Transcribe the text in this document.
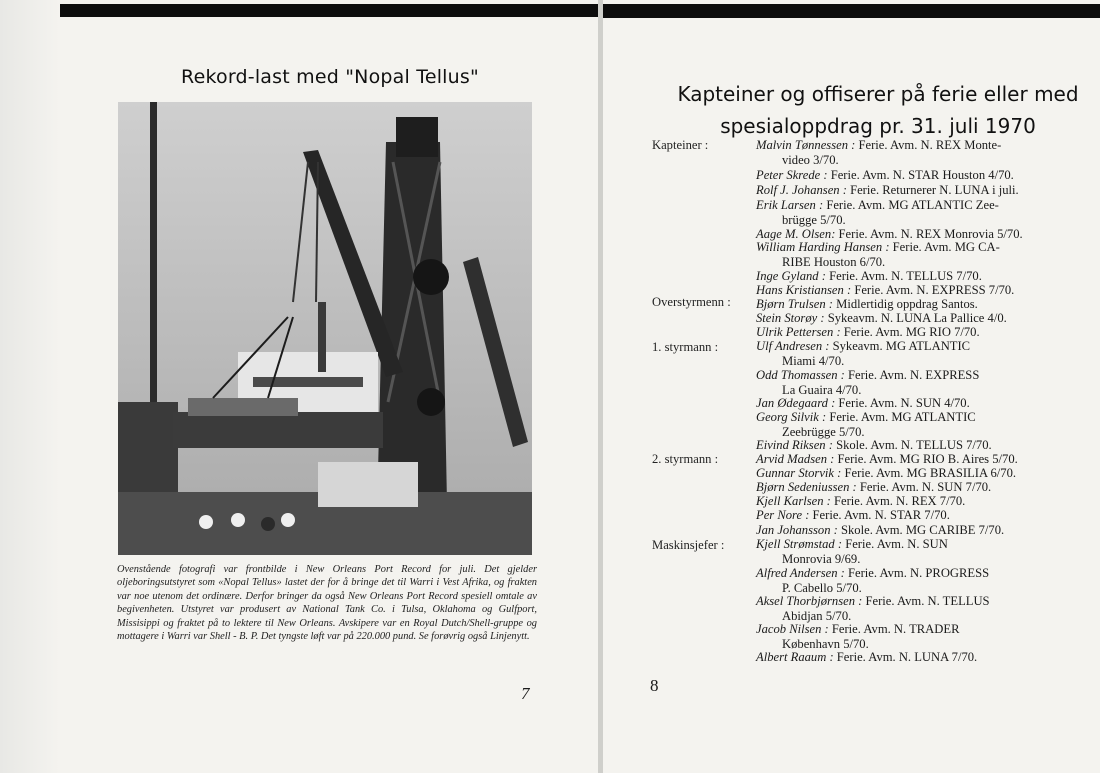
Rekord-last med "Nopal Tellus"
Ovenstående fotografi var frontbilde i New Orleans Port Record for juli. Det gjelder oljeboringsutstyret som «Nopal Tellus» lastet der for å bringe det til Warri i Vest Afrika, og frakten var noe utenom det ordinære. Derfor bringer da også New Orleans Port Record spesiell omtale av begivenheten. Utstyret var produsert av National Tank Co. i Tulsa, Oklahoma og Gulfport, Missisippi og fraktet på to lektere til New Orleans. Avskipere var en Royal Dutch/Shell-gruppe og mottagere i Warri var Shell - B. P. Det tyngste løft var på 220.000 pund. Se forøvrig også Linjenytt.
7
Kapteiner og offiserer på ferie eller med
spesialoppdrag pr. 31. juli 1970
Kapteiner :
Overstyrmenn :
1. styrmann :
2. styrmann :
Maskinsjefer :
Malvin Tønnessen : Ferie. Avm. N. REX Monte-
video 3/70.
Peter Skrede : Ferie. Avm. N. STAR Houston 4/70.
Rolf J. Johansen : Ferie. Returnerer N. LUNA i juli.
Erik Larsen : Ferie. Avm. MG ATLANTIC Zee-
brügge 5/70.
Aage M. Olsen: Ferie. Avm. N. REX Monrovia 5/70.
William Harding Hansen : Ferie. Avm. MG CA-
RIBE Houston 6/70.
Inge Gyland : Ferie. Avm. N. TELLUS 7/70.
Hans Kristiansen : Ferie. Avm. N. EXPRESS 7/70.
Bjørn Trulsen : Midlertidig oppdrag Santos.
Stein Storøy : Sykeavm. N. LUNA La Pallice 4/0.
Ulrik Pettersen : Ferie. Avm. MG RIO 7/70.
Ulf Andresen : Sykeavm. MG ATLANTIC
Miami 4/70.
Odd Thomassen : Ferie. Avm. N. EXPRESS
La Guaira 4/70.
Jan Ødegaard : Ferie. Avm. N. SUN 4/70.
Georg Silvik : Ferie. Avm. MG ATLANTIC
Zeebrügge 5/70.
Eivind Riksen : Skole. Avm. N. TELLUS 7/70.
Arvid Madsen : Ferie. Avm. MG RIO B. Aires 5/70.
Gunnar Storvik : Ferie. Avm. MG BRASILIA 6/70.
Bjørn Sedeniussen : Ferie. Avm. N. SUN 7/70.
Kjell Karlsen : Ferie. Avm. N. REX 7/70.
Per Nore : Ferie. Avm. N. STAR 7/70.
Jan Johansson : Skole. Avm. MG CARIBE 7/70.
Kjell Strømstad : Ferie. Avm. N. SUN
Monrovia 9/69.
Alfred Andersen : Ferie. Avm. N. PROGRESS
P. Cabello 5/70.
Aksel Thorbjørnsen : Ferie. Avm. N. TELLUS
Abidjan 5/70.
Jacob Nilsen : Ferie. Avm. N. TRADER
København 5/70.
Albert Raaum : Ferie. Avm. N. LUNA 7/70.
8
